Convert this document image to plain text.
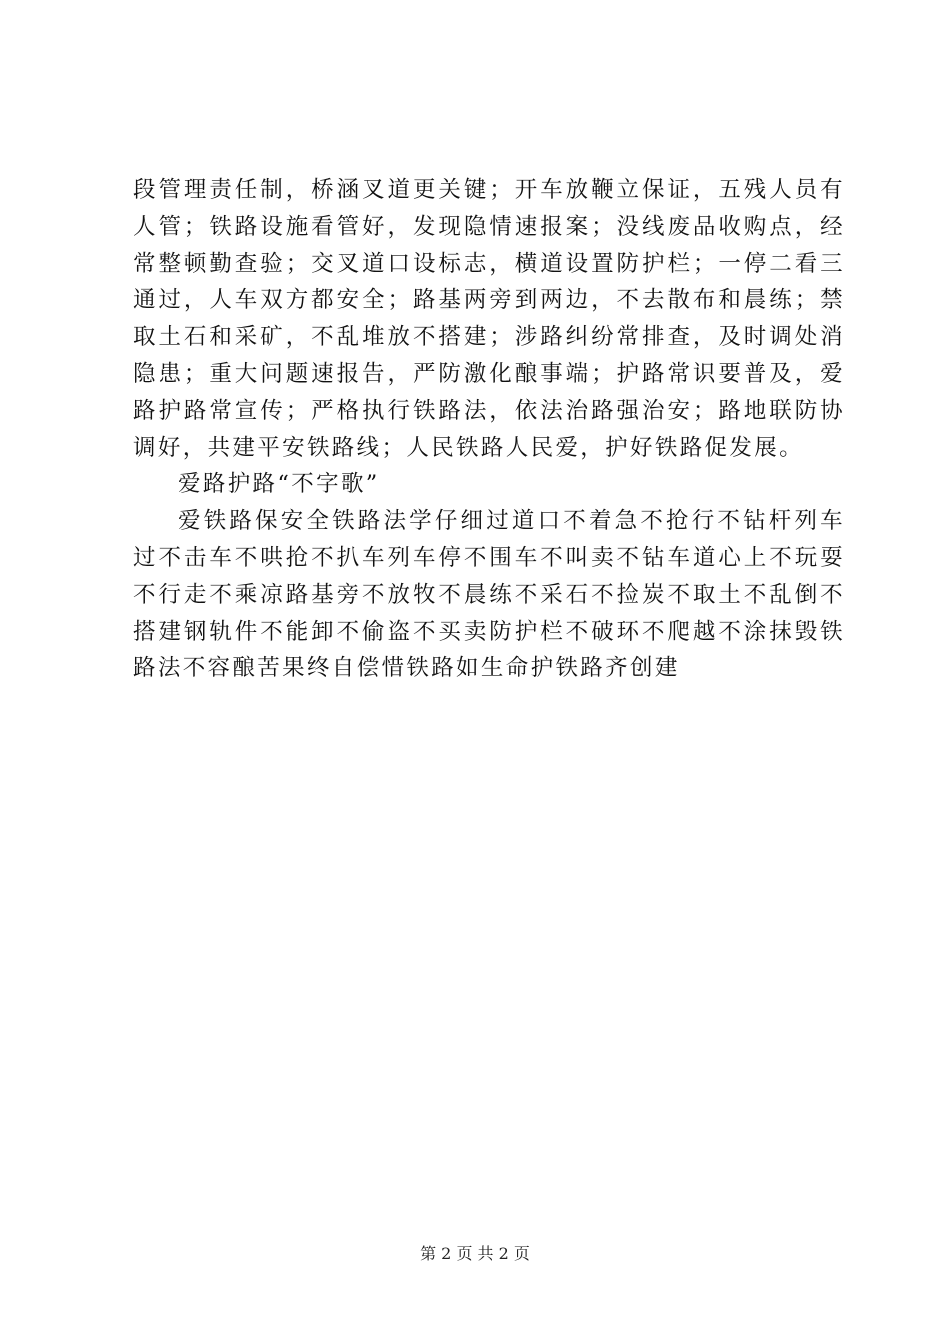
段管理责任制，桥涵叉道更关键；开车放鞭立保证，五残人员有人管；铁路设施看管好，发现隐情速报案；没线废品收购点，经常整顿勤查验；交叉道口设标志，横道设置防护栏；一停二看三通过，人车双方都安全；路基两旁到两边，不去散布和晨练；禁取土石和采矿，不乱堆放不搭建；涉路纠纷常排查，及时调处消隐患；重大问题速报告，严防激化酿事端；护路常识要普及，爱路护路常宣传；严格执行铁路法，依法治路强治安；路地联防协调好，共建平安铁路线；人民铁路人民爱，护好铁路促发展。

爱路护路“不字歌”

爱铁路保安全铁路法学仔细过道口不着急不抢行不钻杆列车过不击车不哄抢不扒车列车停不围车不叫卖不钻车道心上不玩耍不行走不乘凉路基旁不放牧不晨练不采石不捡炭不取土不乱倒不搭建钢轨件不能卸不偷盗不买卖防护栏不破环不爬越不涂抹毁铁路法不容酿苦果终自偿惜铁路如生命护铁路齐创建

第 2 页 共 2 页
